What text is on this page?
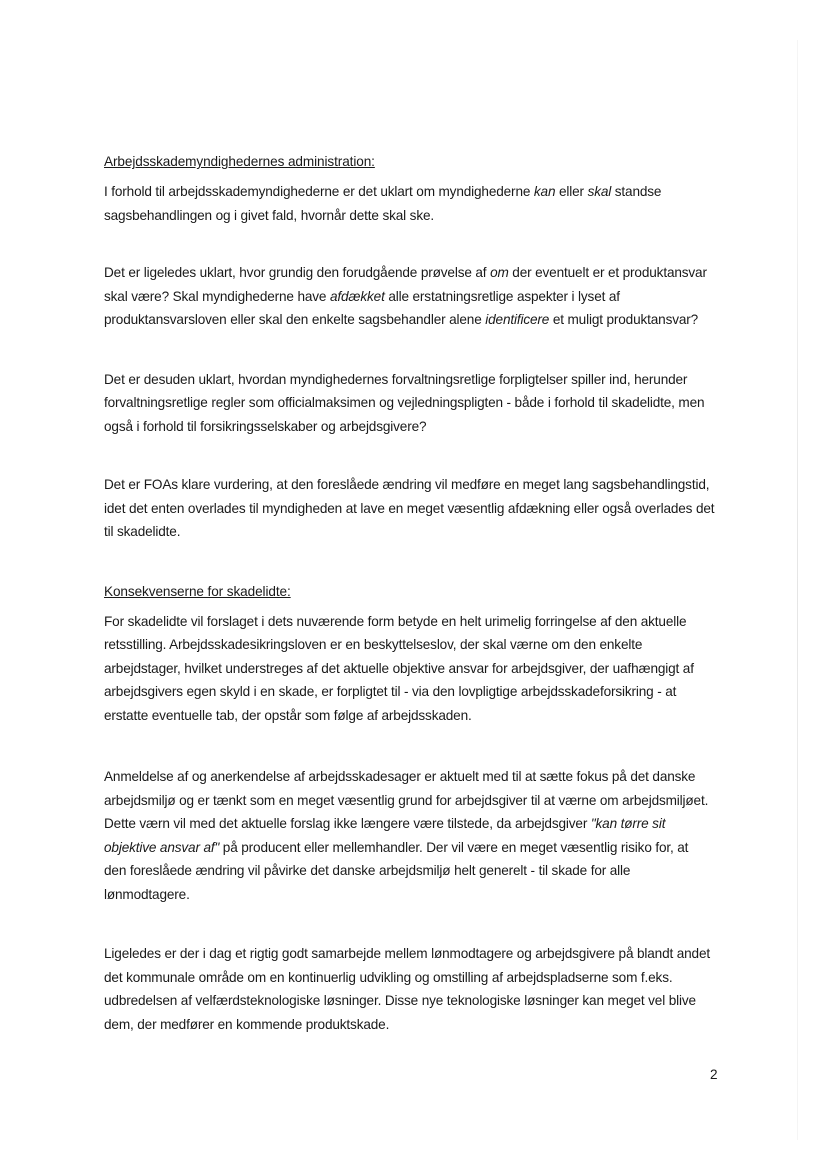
Arbejdsskademyndighedernes administration:

I forhold til arbejdsskademyndighederne er det uklart om myndighederne kan eller skal standse
sagsbehandlingen og i givet fald, hvornår dette skal ske.

Det er ligeledes uklart, hvor grundig den forudgående prøvelse af om der eventuelt er et produktansvar
skal være? Skal myndighederne have afdækket alle erstatningsretlige aspekter i lyset af
produktansvarsloven eller skal den enkelte sagsbehandler alene identificere et muligt produktansvar?

Det er desuden uklart, hvordan myndighedernes forvaltningsretlige forpligtelser spiller ind, herunder
forvaltningsretlige regler som officialmaksimen og vejledningspligten - både i forhold til skadelidte, men
også i forhold til forsikringsselskaber og arbejdsgivere?

Det er FOAs klare vurdering, at den foreslåede ændring vil medføre en meget lang sagsbehandlingstid,
idet det enten overlades til myndigheden at lave en meget væsentlig afdækning eller også overlades det
til skadelidte.

Konsekvenserne for skadelidte:

For skadelidte vil forslaget i dets nuværende form betyde en helt urimelig forringelse af den aktuelle
retsstilling. Arbejdsskadesikringsloven er en beskyttelseslov, der skal værne om den enkelte
arbejdstager, hvilket understreges af det aktuelle objektive ansvar for arbejdsgiver, der uafhængigt af
arbejdsgivers egen skyld i en skade, er forpligtet til - via den lovpligtige arbejdsskadeforsikring - at
erstatte eventuelle tab, der opstår som følge af arbejdsskaden.

Anmeldelse af og anerkendelse af arbejdsskadesager er aktuelt med til at sætte fokus på det danske
arbejdsmiljø og er tænkt som en meget væsentlig grund for arbejdsgiver til at værne om arbejdsmiljøet.
Dette værn vil med det aktuelle forslag ikke længere være tilstede, da arbejdsgiver "kan tørre sit
objektive ansvar af" på producent eller mellemhandler. Der vil være en meget væsentlig risiko for, at
den foreslåede ændring vil påvirke det danske arbejdsmiljø helt generelt - til skade for alle
lønmodtagere.

Ligeledes er der i dag et rigtig godt samarbejde mellem lønmodtagere og arbejdsgivere på blandt andet
det kommunale område om en kontinuerlig udvikling og omstilling af arbejdspladserne som f.eks.
udbredelsen af velfærdsteknologiske løsninger. Disse nye teknologiske løsninger kan meget vel blive
dem, der medfører en kommende produktskade.

2
